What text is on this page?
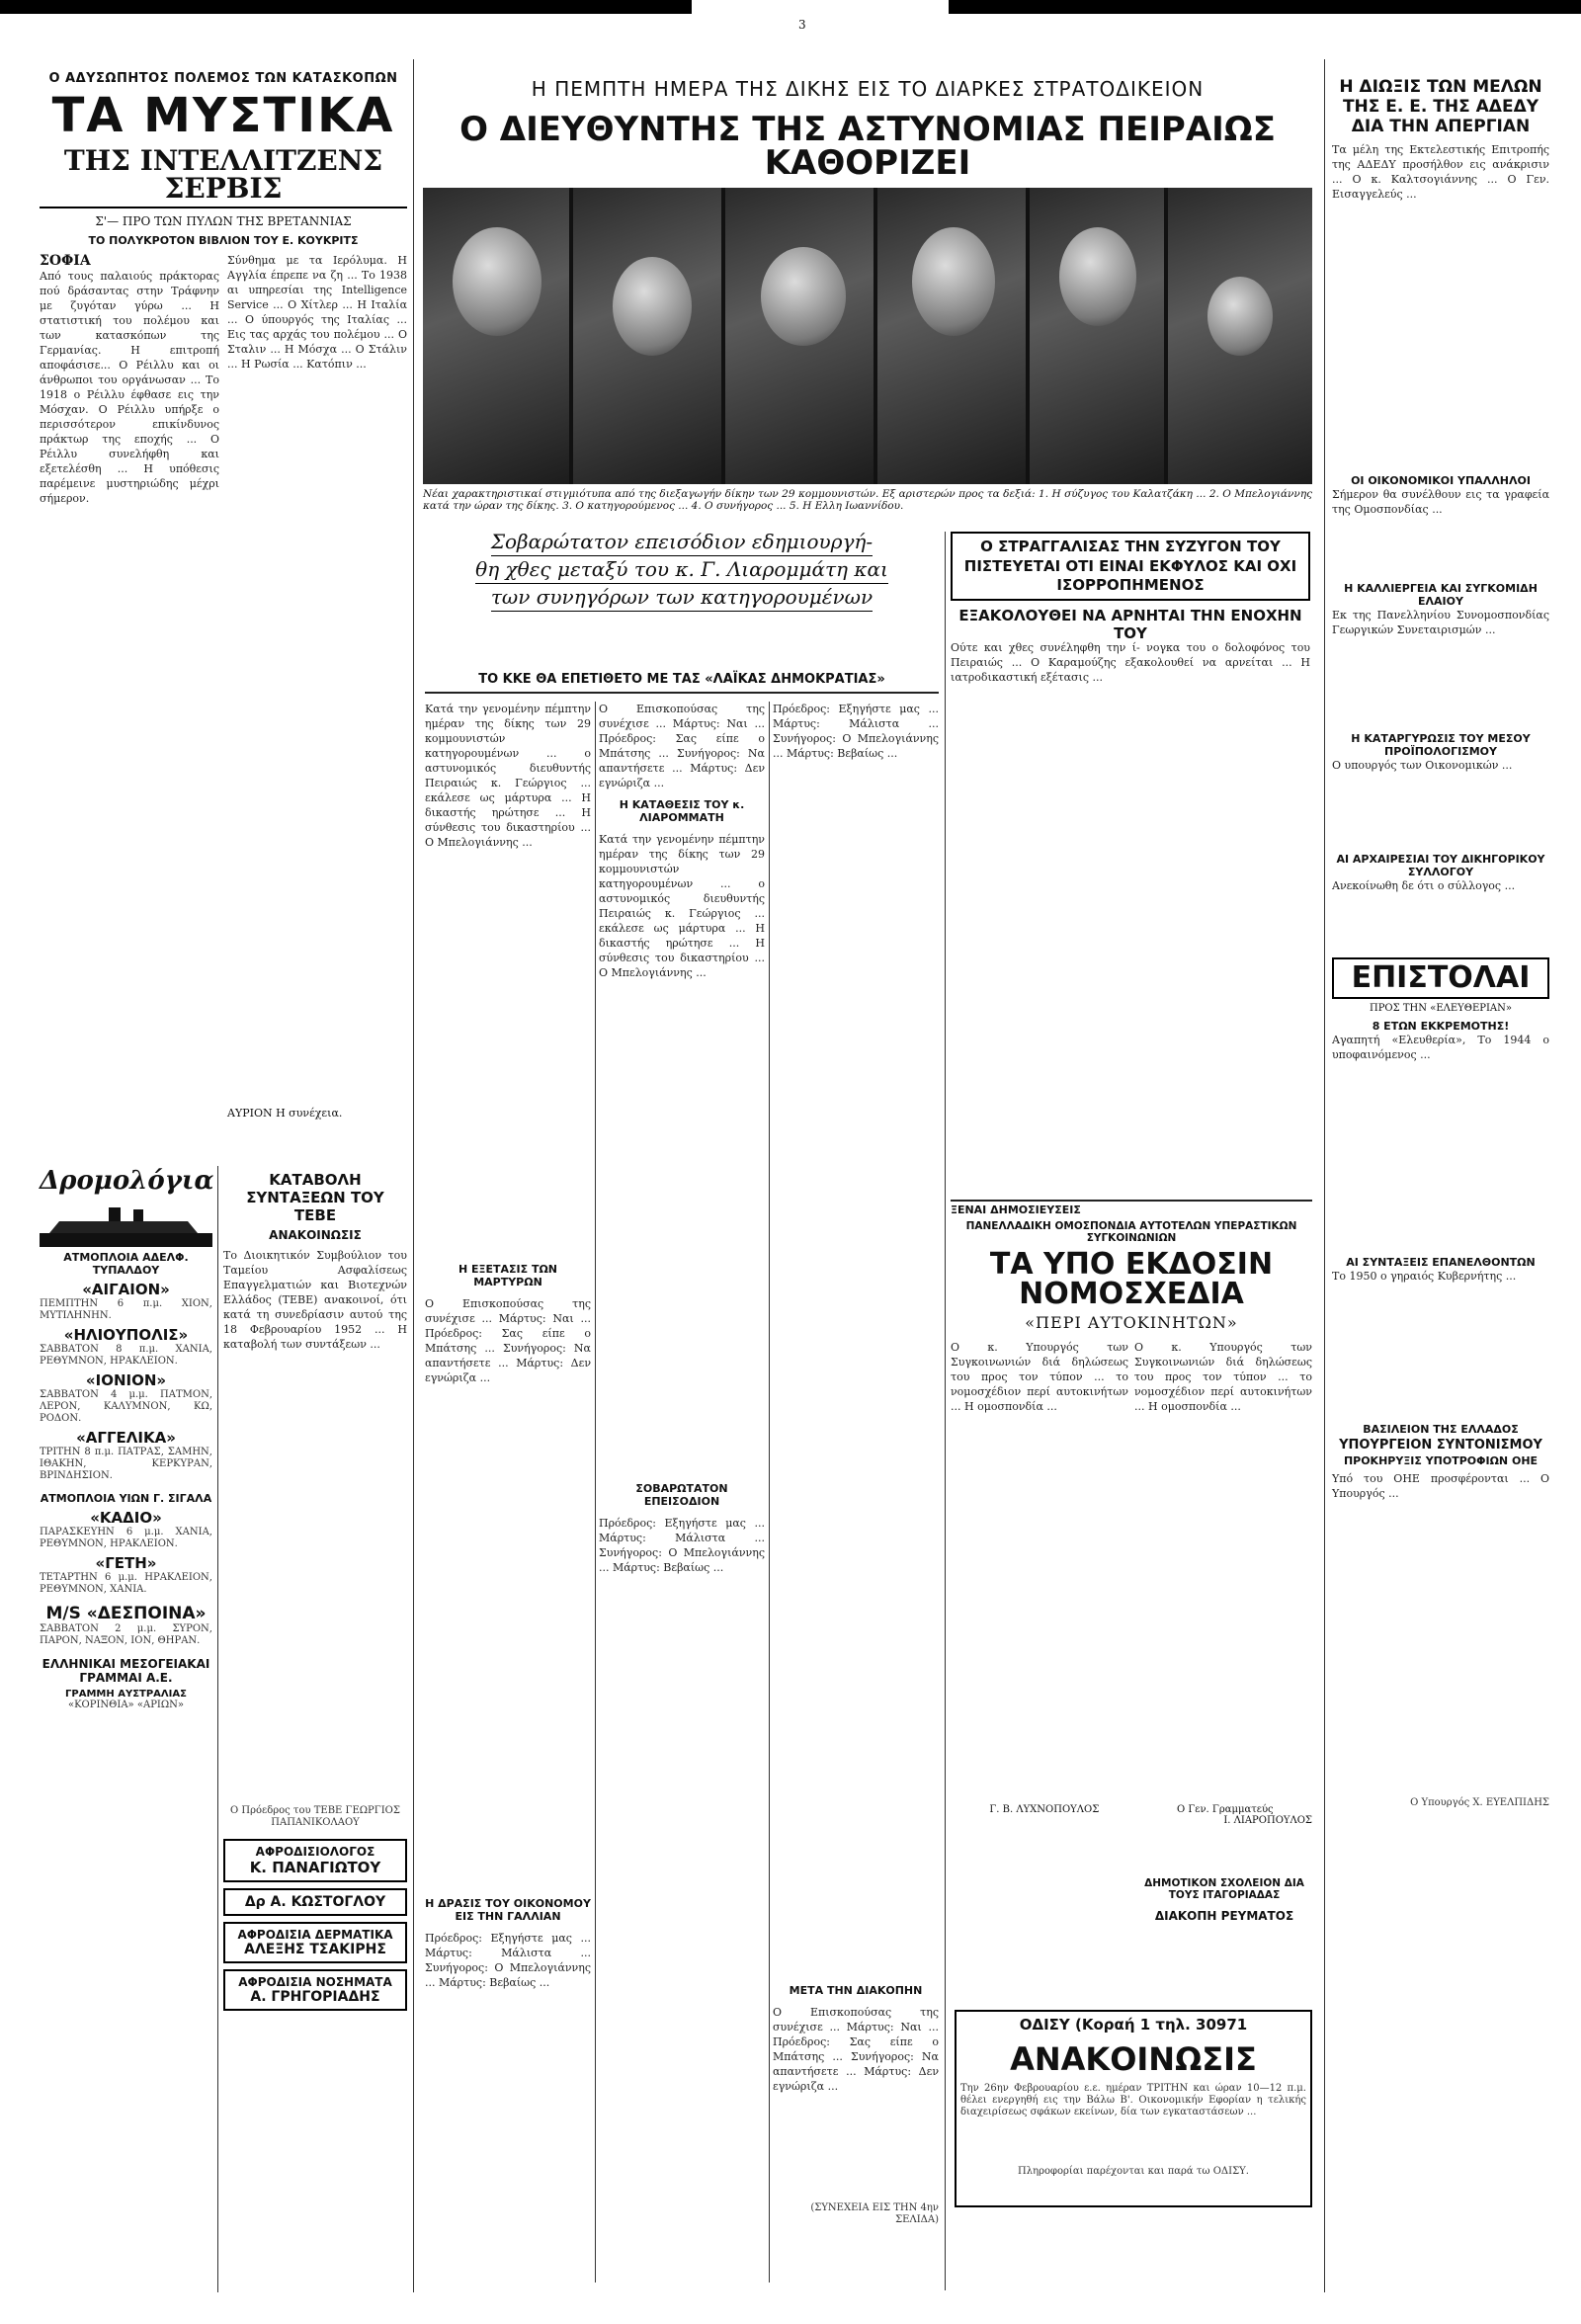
3
Ο ΑΔΥΣΩΠΗΤΟΣ ΠΟΛΕΜΟΣ ΤΩΝ ΚΑΤΑΣΚΟΠΩΝ
ΤΑ ΜΥΣΤΙΚΑ
ΤΗΣ ΙΝΤΕΛΛΙΤΖΕΝΣ ΣΕΡΒΙΣ
Σ'— ΠΡΟ ΤΩΝ ΠΥΛΩΝ ΤΗΣ ΒΡΕΤΑΝΝΙΑΣ
ΤΟ ΠΟΛΥΚΡΟΤΟΝ ΒΙΒΛΙΟΝ ΤΟΥ Ε. ΚΟΥΚΡΙΤΣ
ΣΟΦΙΑ
Από τους παλαιούς πράκτορας πού δράσαντας στην Τράφνην με ζυγόταν γύρω ... Η στατιστική του πολέμου και των κατασκόπων της Γερμανίας. Η επιτροπή αποφάσισε... Ο Ρέιλλυ και οι άνθρωποι του οργάνωσαν ... Το 1918 ο Ρέιλλυ έφθασε εις την Μόσχαν. Ο Ρέιλλυ υπήρξε ο περισσότερον επικίνδυνος πράκτωρ της εποχής ... Ο Ρέιλλυ συνελήφθη και εξετελέσθη ... Η υπόθεσις παρέμεινε μυστηριώδης μέχρι σήμερον.
Σύνθημα με τα Ιερόλυμα. Η Αγγλία έπρεπε να ζη ... Το 1938 αι υπηρεσίαι της Intelligence Service ... Ο Χίτλερ ... Η Ιταλία ... Ο ύπουργός της Ιταλίας ... Εις τας αρχάς του πολέμου ... Ο Σταλιν ... Η Μόσχα ... Ο Στάλιν ... Η Ρωσία ... Κατόπιν ...
ΑΥΡΙΟΝ Η συνέχεια.
Δρομολόγια
ΑΤΜΟΠΛΟΙΑ ΑΔΕΛΦ. ΤΥΠΑΛΔΟΥ
«ΑΙΓΑΙΟΝ»
ΠΕΜΠΤΗΝ 6 π.μ. ΧΙΟΝ, ΜΥΤΙΛΗΝΗΝ.
«ΗΛΙΟΥΠΟΛΙΣ»
ΣΑΒΒΑΤΟΝ 8 π.μ. ΧΑΝΙΑ, ΡΕΘΥΜΝΟΝ, ΗΡΑΚΛΕΙΟΝ.
«ΙΟΝΙΟΝ»
ΣΑΒΒΑΤΟΝ 4 μ.μ. ΠΑΤΜΟΝ, ΛΕΡΟΝ, ΚΑΛΥΜΝΟΝ, ΚΩ, ΡΟΔΟΝ.
«ΑΓΓΕΛΙΚΑ»
ΤΡΙΤΗΝ 8 π.μ. ΠΑΤΡΑΣ, ΣΑΜΗΝ, ΙΘΑΚΗΝ, ΚΕΡΚΥΡΑΝ, ΒΡΙΝΔΗΣΙΟΝ.
ΑΤΜΟΠΛΟΙΑ ΥΙΩΝ Γ. ΣΙΓΑΛΑ
«ΚΑΔΙΟ»
ΠΑΡΑΣΚΕΥΗΝ 6 μ.μ. ΧΑΝΙΑ, ΡΕΘΥΜΝΟΝ, ΗΡΑΚΛΕΙΟΝ.
«ΓΕΤΗ»
ΤΕΤΑΡΤΗΝ 6 μ.μ. ΗΡΑΚΛΕΙΟΝ, ΡΕΘΥΜΝΟΝ, ΧΑΝΙΑ.
Μ/S «ΔΕΣΠΟΙΝΑ»
ΣΑΒΒΑΤΟΝ 2 μ.μ. ΣΥΡΟΝ, ΠΑΡΟΝ, ΝΑΞΟΝ, ΙΟΝ, ΘΗΡΑΝ.
ΕΛΛΗΝΙΚΑΙ ΜΕΣΟΓΕΙΑΚΑΙ ΓΡΑΜΜΑΙ Α.Ε.
ΓΡΑΜΜΗ ΑΥΣΤΡΑΛΙΑΣ
«ΚΟΡΙΝΘΙΑ» «ΑΡΙΩΝ»
ΚΑΤΑΒΟΛΗ ΣΥΝΤΑΞΕΩΝ ΤΟΥ ΤΕΒΕ
ΑΝΑΚΟΙΝΩΣΙΣ
Το Διοικητικόν Συμβούλιον του Ταμείου Ασφαλίσεως Επαγγελματιών και Βιοτεχνών Ελλάδος (ΤΕΒΕ) ανακοινοί, ότι κατά τη συνεδρίασιν αυτού της 18 Φεβρουαρίου 1952 ... Η καταβολή των συντάξεων ...
Ο Πρόεδρος του ΤΕΒΕ ΓΕΩΡΓΙΟΣ ΠΑΠΑΝΙΚΟΛΑΟΥ
ΑΦΡΟΔΙΣΙΟΛΟΓΟΣ
Κ. ΠΑΝΑΓΙΩΤΟΥ
Δρ Α. ΚΩΣΤΟΓΛΟΥ
ΑΦΡΟΔΙΣΙΑ ΔΕΡΜΑΤΙΚΑ
ΑΛΕΞΗΣ ΤΣΑΚΙΡΗΣ
ΑΦΡΟΔΙΣΙΑ ΝΟΣΗΜΑΤΑ
Α. ΓΡΗΓΟΡΙΑΔΗΣ
Η ΠΕΜΠΤΗ ΗΜΕΡΑ ΤΗΣ ΔΙΚΗΣ ΕΙΣ ΤΟ ΔΙΑΡΚΕΣ ΣΤΡΑΤΟΔΙΚΕΙΟΝ
Ο ΔΙΕΥΘΥΝΤΗΣ ΤΗΣ ΑΣΤΥΝΟΜΙΑΣ ΠΕΙΡΑΙΩΣ ΚΑΘΟΡΙΖΕΙ
Νέαι χαρακτηριστικαί στιγμιότυπα από της διεξαγωγήν δίκην των 29 κομμουνιστών. Εξ αριστερών προς τα δεξιά: 1. Η σύζυγος του Καλατζάκη ... 2. Ο Μπελογιάννης κατά την ώραν της δίκης. 3. Ο κατηγορούμενος ... 4. Ο συνήγορος ... 5. Η Ελλη Ιωαννίδου.
Σοβαρώτατον επεισόδιον εδημιουργή-
θη χθες μεταξύ του κ. Γ. Λιαρομμάτη και
των συνηγόρων των κατηγορουμένων
ΤΟ ΚΚΕ ΘΑ ΕΠΕΤΙΘΕΤΟ ΜΕ ΤΑΣ «ΛΑΪΚΑΣ ΔΗΜΟΚΡΑΤΙΑΣ»
Ο ΣΤΡΑΓΓΑΛΙΣΑΣ ΤΗΝ ΣΥΖΥΓΟΝ ΤΟΥ ΠΙΣΤΕΥΕΤΑΙ ΟΤΙ ΕΙΝΑΙ ΕΚΦΥΛΟΣ ΚΑΙ ΟΧΙ ΙΣΟΡΡΟΠΗΜΕΝΟΣ
ΕΞΑΚΟΛΟΥΘΕΙ ΝΑ ΑΡΝΗΤΑΙ ΤΗΝ ΕΝΟΧΗΝ ΤΟΥ
Ούτε και χθες συνέληφθη την ί- νογκα του ο δολοφόνος του Πειραιώς ... Ο Καραμούζης εξακολουθεί να αρνείται ... Η ιατροδικαστική εξέτασις ...
Κατά την γενομένην πέμπτην ημέραν της δίκης των 29 κομμουνιστών κατηγορουμένων ... ο αστυνομικός διευθυντής Πειραιώς κ. Γεώργιος ... εκάλεσε ως μάρτυρα ... Η δικαστής ηρώτησε ... Η σύνθεσις του δικαστηρίου ... Ο Μπελογιάννης ...
Η ΕΞΕΤΑΣΙΣ ΤΩΝ ΜΑΡΤΥΡΩΝ
Ο Επισκοπούσας της συνέχισε ... Μάρτυς: Ναι ... Πρόεδρος: Σας είπε ο Μπάτσης ... Συνήγορος: Να απαντήσετε ... Μάρτυς: Δεν εγνώριζα ...
Η ΔΡΑΣΙΣ ΤΟΥ ΟΙΚΟΝΟΜΟΥ ΕΙΣ ΤΗΝ ΓΑΛΛΙΑΝ
Πρόεδρος: Εξηγήστε μας ... Μάρτυς: Μάλιστα ... Συνήγορος: Ο Μπελογιάννης ... Μάρτυς: Βεβαίως ...
Ο Επισκοπούσας της συνέχισε ... Μάρτυς: Ναι ... Πρόεδρος: Σας είπε ο Μπάτσης ... Συνήγορος: Να απαντήσετε ... Μάρτυς: Δεν εγνώριζα ...
Η ΚΑΤΑΘΕΣΙΣ ΤΟΥ κ. ΛΙΑΡΟΜΜΑΤΗ
Κατά την γενομένην πέμπτην ημέραν της δίκης των 29 κομμουνιστών κατηγορουμένων ... ο αστυνομικός διευθυντής Πειραιώς κ. Γεώργιος ... εκάλεσε ως μάρτυρα ... Η δικαστής ηρώτησε ... Η σύνθεσις του δικαστηρίου ... Ο Μπελογιάννης ...
ΣΟΒΑΡΩΤΑΤΟΝ ΕΠΕΙΣΟΔΙΟΝ
Πρόεδρος: Εξηγήστε μας ... Μάρτυς: Μάλιστα ... Συνήγορος: Ο Μπελογιάννης ... Μάρτυς: Βεβαίως ...
Πρόεδρος: Εξηγήστε μας ... Μάρτυς: Μάλιστα ... Συνήγορος: Ο Μπελογιάννης ... Μάρτυς: Βεβαίως ...
ΜΕΤΑ ΤΗΝ ΔΙΑΚΟΠΗΝ
Ο Επισκοπούσας της συνέχισε ... Μάρτυς: Ναι ... Πρόεδρος: Σας είπε ο Μπάτσης ... Συνήγορος: Να απαντήσετε ... Μάρτυς: Δεν εγνώριζα ...
(ΣΥΝΕΧΕΙΑ ΕΙΣ ΤΗΝ 4ην ΣΕΛΙΔΑ)
ΞΕΝΑΙ ΔΗΜΟΣΙΕΥΣΕΙΣ
ΠΑΝΕΛΛΑΔΙΚΗ ΟΜΟΣΠΟΝΔΙΑ ΑΥΤΟΤΕΛΩΝ ΥΠΕΡΑΣΤΙΚΩΝ ΣΥΓΚΟΙΝΩΝΙΩΝ
ΤΑ ΥΠΟ ΕΚΔΟΣΙΝ ΝΟΜΟΣΧΕΔΙΑ
«ΠΕΡΙ ΑΥΤΟΚΙΝΗΤΩΝ»
Ο κ. Υπουργός των Συγκοινωνιών διά δηλώσεως του προς τον τύπον ... το νομοσχέδιον περί αυτοκινήτων ... Η ομοσπονδία ...
Ο κ. Υπουργός των Συγκοινωνιών διά δηλώσεως του προς τον τύπον ... το νομοσχέδιον περί αυτοκινήτων ... Η ομοσπονδία ...
Γ. Β. ΛΥΧΝΟΠΟΥΛΟΣ	Ο Γεν. Γραμματεύς
Ι. ΛΙΑΡΟΠΟΥΛΟΣ
ΔΗΜΟΤΙΚΟΝ ΣΧΟΛΕΙΟΝ ΔΙΑ ΤΟΥΣ ΙΤΑΓΟΡΙΑΔΑΣ
ΔΙΑΚΟΠΗ ΡΕΥΜΑΤΟΣ
ΟΔΙΣΥ (Κοραή 1 τηλ. 30971
ΑΝΑΚΟΙΝΩΣΙΣ
Την 26ην Φεβρουαρίου ε.ε. ημέραν ΤΡΙΤΗΝ και ώραν 10—12 π.μ. θέλει ενεργηθή εις την Βάλω Β'. Οικονομικήν Εφορίαν η τελικής διαχειρίσεως σφάκων εκείνων, δία των εγκαταστάσεων ...
Πληροφορίαι παρέχονται και παρά τω ΟΔΙΣΥ.
Η ΔΙΩΞΙΣ ΤΩΝ ΜΕΛΩΝ
ΤΗΣ Ε. Ε. ΤΗΣ ΑΔΕΔΥ
ΔΙΑ ΤΗΝ ΑΠΕΡΓΙΑΝ
Τα μέλη της Εκτελεστικής Επιτροπής της ΑΔΕΔΥ προσήλθον εις ανάκρισιν ... Ο κ. Καλτσογιάννης ... Ο Γεν. Εισαγγελεύς ...
ΟΙ ΟΙΚΟΝΟΜΙΚΟΙ ΥΠΑΛΛΗΛΟΙ
Σήμερον θα συνέλθουν εις τα γραφεία της Ομοσπονδίας ...
Η ΚΑΛΛΙΕΡΓΕΙΑ ΚΑΙ ΣΥΓΚΟΜΙΔΗ ΕΛΑΙΟΥ
Εκ της Πανελληνίου Συνομοσπονδίας Γεωργικών Συνεταιρισμών ...
Η ΚΑΤΑΡΓΥΡΩΣΙΣ ΤΟΥ ΜΕΣΟΥ ΠΡΟΪΠΟΛΟΓΙΣΜΟΥ
Ο υπουργός των Οικονομικών ...
ΑΙ ΑΡΧΑΙΡΕΣΙΑΙ ΤΟΥ ΔΙΚΗΓΟΡΙΚΟΥ ΣΥΛΛΟΓΟΥ
Ανεκοίνωθη δε ότι ο σύλλογος ...
ΕΠΙΣΤΟΛΑΙ
ΠΡΟΣ ΤΗΝ «ΕΛΕΥΘΕΡΙΑΝ»
8 ΕΤΩΝ ΕΚΚΡΕΜΟΤΗΣ!
Αγαπητή «Ελευθερία», Το 1944 ο υποφαινόμενος ...
ΑΙ ΣΥΝΤΑΞΕΙΣ ΕΠΑΝΕΛΘΟΝΤΩΝ
Το 1950 ο γηραιός Κυβερνήτης ...
ΒΑΣΙΛΕΙΟΝ ΤΗΣ ΕΛΛΑΔΟΣ
ΥΠΟΥΡΓΕΙΟΝ ΣΥΝΤΟΝΙΣΜΟΥ
ΠΡΟΚΗΡΥΞΙΣ ΥΠΟΤΡΟΦΙΩΝ ΟΗΕ
Υπό του ΟΗΕ προσφέρονται ... Ο Υπουργός ...
Ο Υπουργός Χ. ΕΥΕΛΠΙΔΗΣ
